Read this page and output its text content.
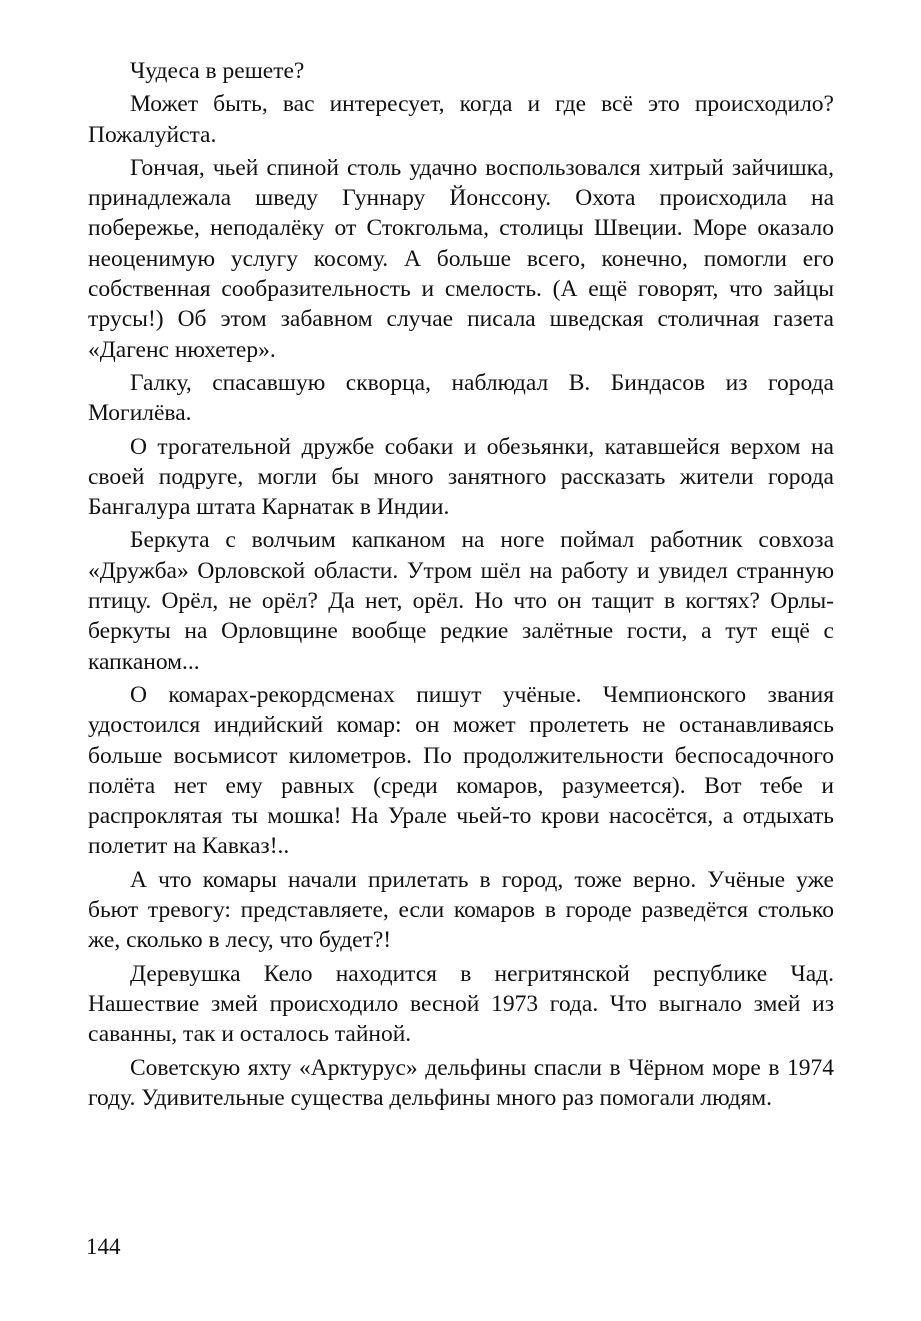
Чудеса в решете?

Может быть, вас интересует, когда и где всё это происходило? Пожалуйста.

Гончая, чьей спиной столь удачно воспользовался хитрый зайчишка, принадлежала шведу Гуннару Йонссону. Охота происходила на побережье, неподалёку от Стокгольма, столицы Швеции. Море оказало неоценимую услугу косому. А больше всего, конечно, помогли его собственная сообразительность и смелость. (А ещё говорят, что зайцы трусы!) Об этом забавном случае писала шведская столичная газета «Дагенс нюхетер».

Галку, спасавшую скворца, наблюдал В. Биндасов из города Могилёва.

О трогательной дружбе собаки и обезьянки, катавшейся верхом на своей подруге, могли бы много занятного рассказать жители города Бангалура штата Карнатак в Индии.

Беркута с волчьим капканом на ноге поймал работник совхоза «Дружба» Орловской области. Утром шёл на работу и увидел странную птицу. Орёл, не орёл? Да нет, орёл. Но что он тащит в когтях? Орлы-беркуты на Орловщине вообще редкие залётные гости, а тут ещё с капканом...

О комарах-рекордсменах пишут учёные. Чемпионского звания удостоился индийский комар: он может пролететь не останавливаясь больше восьмисот километров. По продолжительности беспосадочного полёта нет ему равных (среди комаров, разумеется). Вот тебе и распроклятая ты мошка! На Урале чьей-то крови насосётся, а отдыхать полетит на Кавказ!..

А что комары начали прилетать в город, тоже верно. Учёные уже бьют тревогу: представляете, если комаров в городе разведётся столько же, сколько в лесу, что будет?!

Деревушка Кело находится в негритянской республике Чад. Нашествие змей происходило весной 1973 года. Что выгнало змей из саванны, так и осталось тайной.

Советскую яхту «Арктурус» дельфины спасли в Чёрном море в 1974 году. Удивительные существа дельфины много раз помогали людям.

144
